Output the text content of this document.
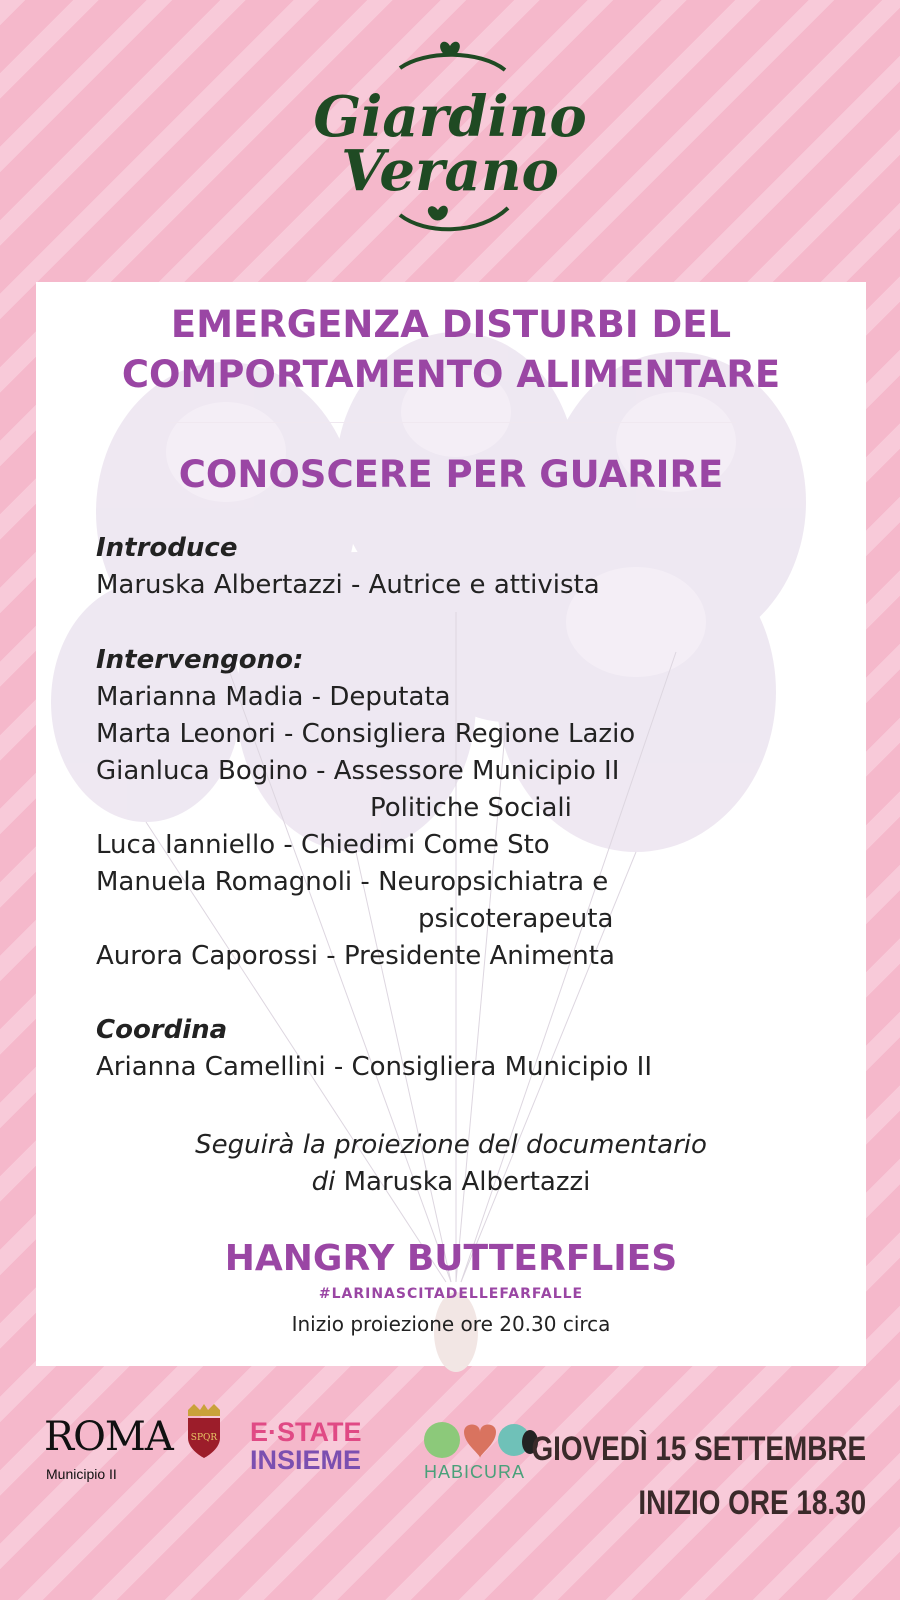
Giardino
Verano
EMERGENZA DISTURBI DEL
COMPORTAMENTO ALIMENTARE
CONOSCERE PER GUARIRE
Introduce
Maruska Albertazzi - Autrice e attivista
Intervengono:
Marianna Madia - Deputata
Marta Leonori - Consigliera Regione Lazio
Gianluca Bogino - Assessore Municipio II
Politiche Sociali
Luca Ianniello - Chiedimi Come Sto
Manuela Romagnoli - Neuropsichiatra e
psicoterapeuta
Aurora Caporossi - Presidente Animenta
Coordina
Arianna Camellini - Consigliera Municipio II
Seguirà la proiezione del documentario
di Maruska Albertazzi
HANGRY BUTTERFLIES
#LARINASCITADELLEFARFALLE
Inizio proiezione ore 20.30 circa
ROMA SPQR
Municipio II
E·STATE
INSIEME	HABICURA
GIOVEDÌ 15 SETTEMBRE
INIZIO ORE 18.30
